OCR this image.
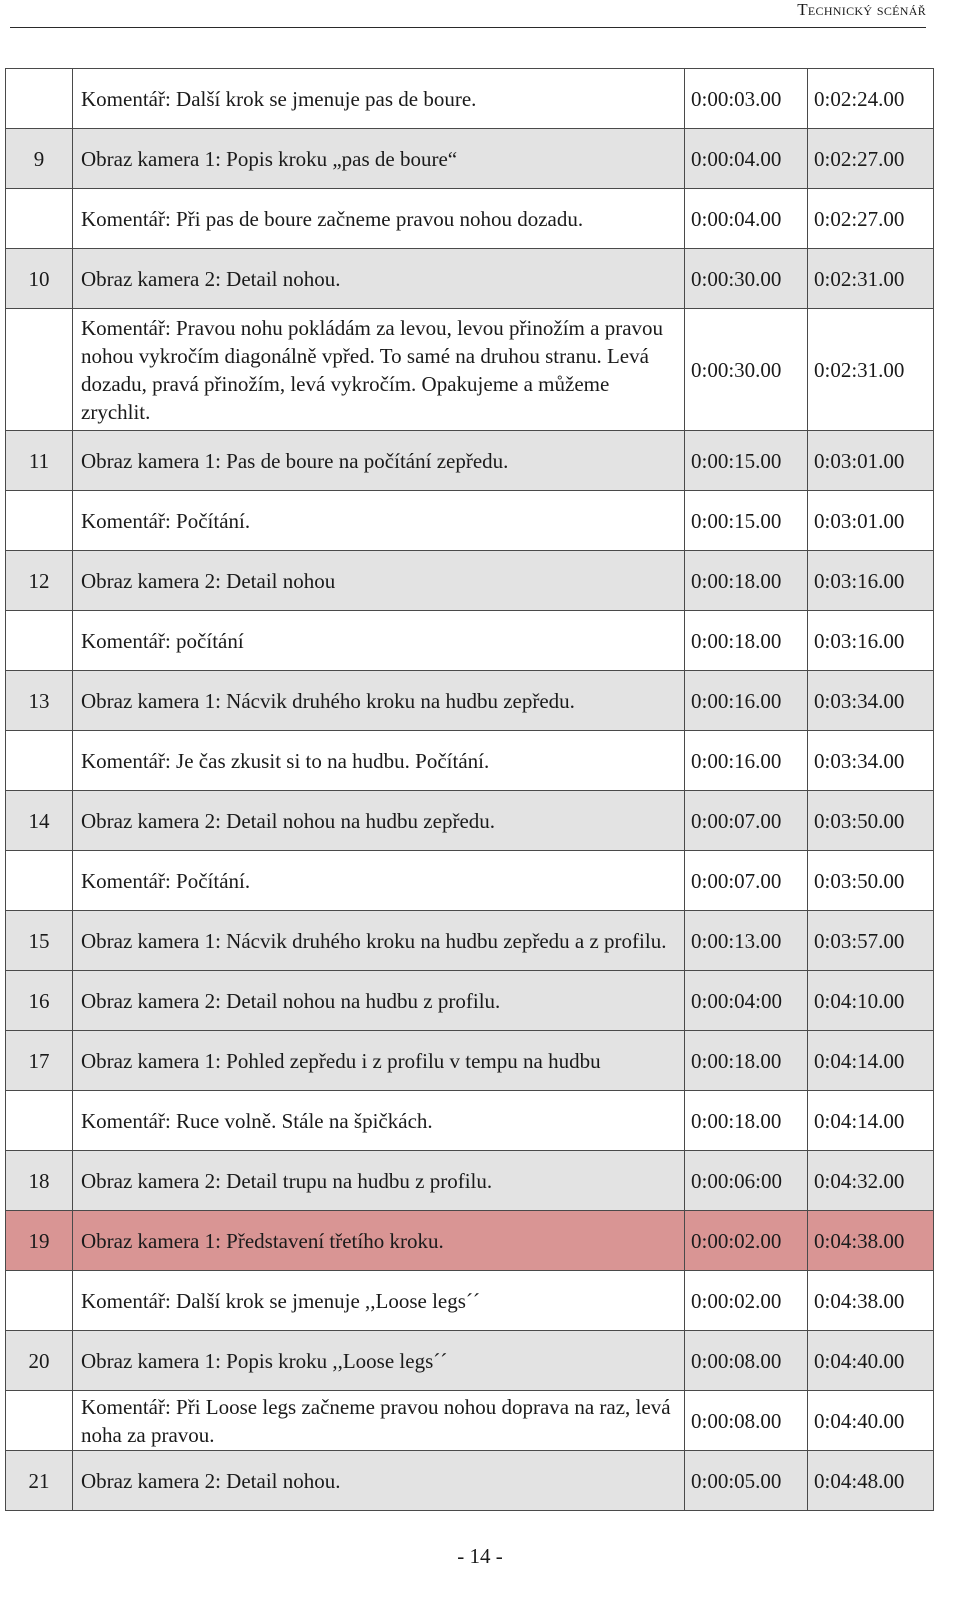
Technický scénář
	Komentář: Další krok se jmenuje pas de boure.	0:00:03.00	0:02:24.00
9	Obraz kamera 1: Popis kroku „pas de boure“	0:00:04.00	0:02:27.00
	Komentář: Při pas de boure začneme pravou nohou dozadu.	0:00:04.00	0:02:27.00
10	Obraz kamera 2: Detail nohou.	0:00:30.00	0:02:31.00
	Komentář: Pravou nohu pokládám za levou, levou přinožím a pravou nohou vykročím diagonálně vpřed. To samé na druhou stranu. Levá dozadu, pravá přinožím, levá vykročím. Opakujeme a můžeme zrychlit.	0:00:30.00	0:02:31.00
11	Obraz kamera 1: Pas de boure na počítání zepředu.	0:00:15.00	0:03:01.00
	Komentář: Počítání.	0:00:15.00	0:03:01.00
12	Obraz kamera 2: Detail nohou	0:00:18.00	0:03:16.00
	Komentář: počítání	0:00:18.00	0:03:16.00
13	Obraz kamera 1: Nácvik druhého kroku na hudbu zepředu.	0:00:16.00	0:03:34.00
	Komentář: Je čas zkusit si to na hudbu. Počítání.	0:00:16.00	0:03:34.00
14	Obraz kamera 2: Detail nohou na hudbu zepředu.	0:00:07.00	0:03:50.00
	Komentář: Počítání.	0:00:07.00	0:03:50.00
15	Obraz kamera 1: Nácvik druhého kroku na hudbu zepředu a z profilu.	0:00:13.00	0:03:57.00
16	Obraz kamera 2: Detail nohou na hudbu z profilu.	0:00:04:00	0:04:10.00
17	Obraz kamera 1: Pohled zepředu i z profilu v tempu na hudbu	0:00:18.00	0:04:14.00
	Komentář: Ruce volně. Stále na špičkách.	0:00:18.00	0:04:14.00
18	Obraz kamera 2: Detail trupu na hudbu z profilu.	0:00:06:00	0:04:32.00
19	Obraz kamera 1: Představení třetího kroku.	0:00:02.00	0:04:38.00
	Komentář: Další krok se jmenuje ,,Loose legs´´	0:00:02.00	0:04:38.00
20	Obraz kamera 1: Popis kroku ,,Loose legs´´	0:00:08.00	0:04:40.00
	Komentář: Při Loose legs začneme pravou nohou doprava na raz, levá noha za pravou.	0:00:08.00	0:04:40.00
21	Obraz kamera 2: Detail nohou.	0:00:05.00	0:04:48.00
- 14 -
